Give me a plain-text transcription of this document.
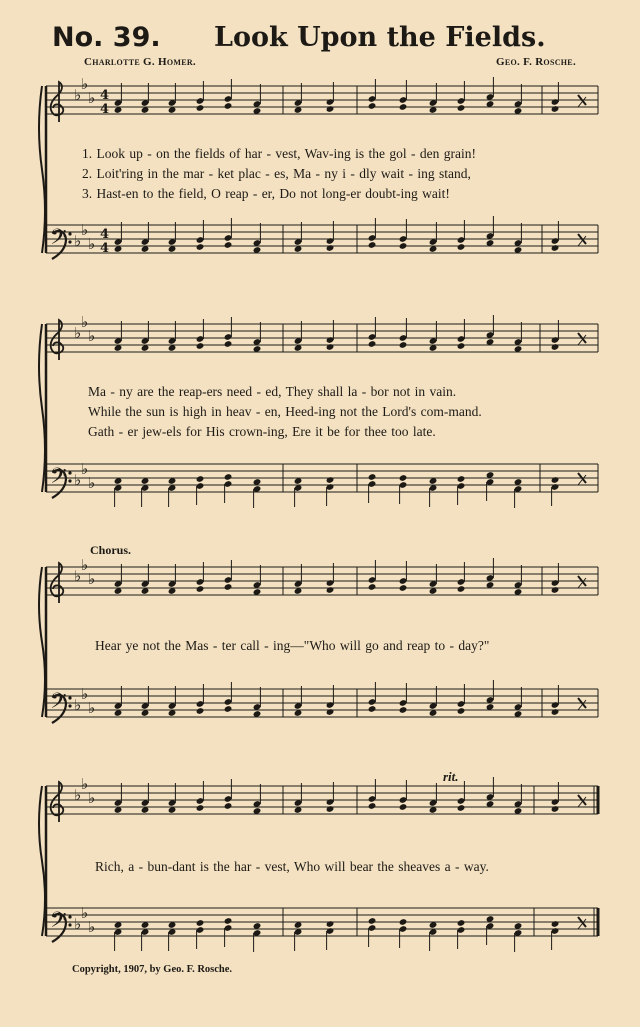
No. 39. Look Upon the Fields.
Charlotte G. Homer.	Geo. F. Rosche.
𝄢
♭
♭
♭
♭
♭
♭
4
4
4
4
𝄢
♭
♭
♭
♭
♭
♭
𝄢
♭
♭
♭
♭
♭
♭
𝄢
♭
♭
♭
♭
♭
♭
1. Look up - on the fields of har - vest, Wav-ing is the gol - den grain!
2. Loit'ring in the mar - ket plac - es, Ma - ny i - dly wait - ing stand,
3. Hast-en to the field, O reap - er, Do not long-er doubt-ing wait!
Ma - ny are the reap-ers need - ed, They shall la - bor not in vain.
While the sun is high in heav - en, Heed-ing not the Lord's com-mand.
Gath - er jew-els for His crown-ing, Ere it be for thee too late.
Chorus.
Hear ye not the Mas - ter call - ing—"Who will go and reap to - day?"
rit.
Rich, a - bun-dant is the har - vest, Who will bear the sheaves a - way.
Copyright, 1907, by Geo. F. Rosche.
